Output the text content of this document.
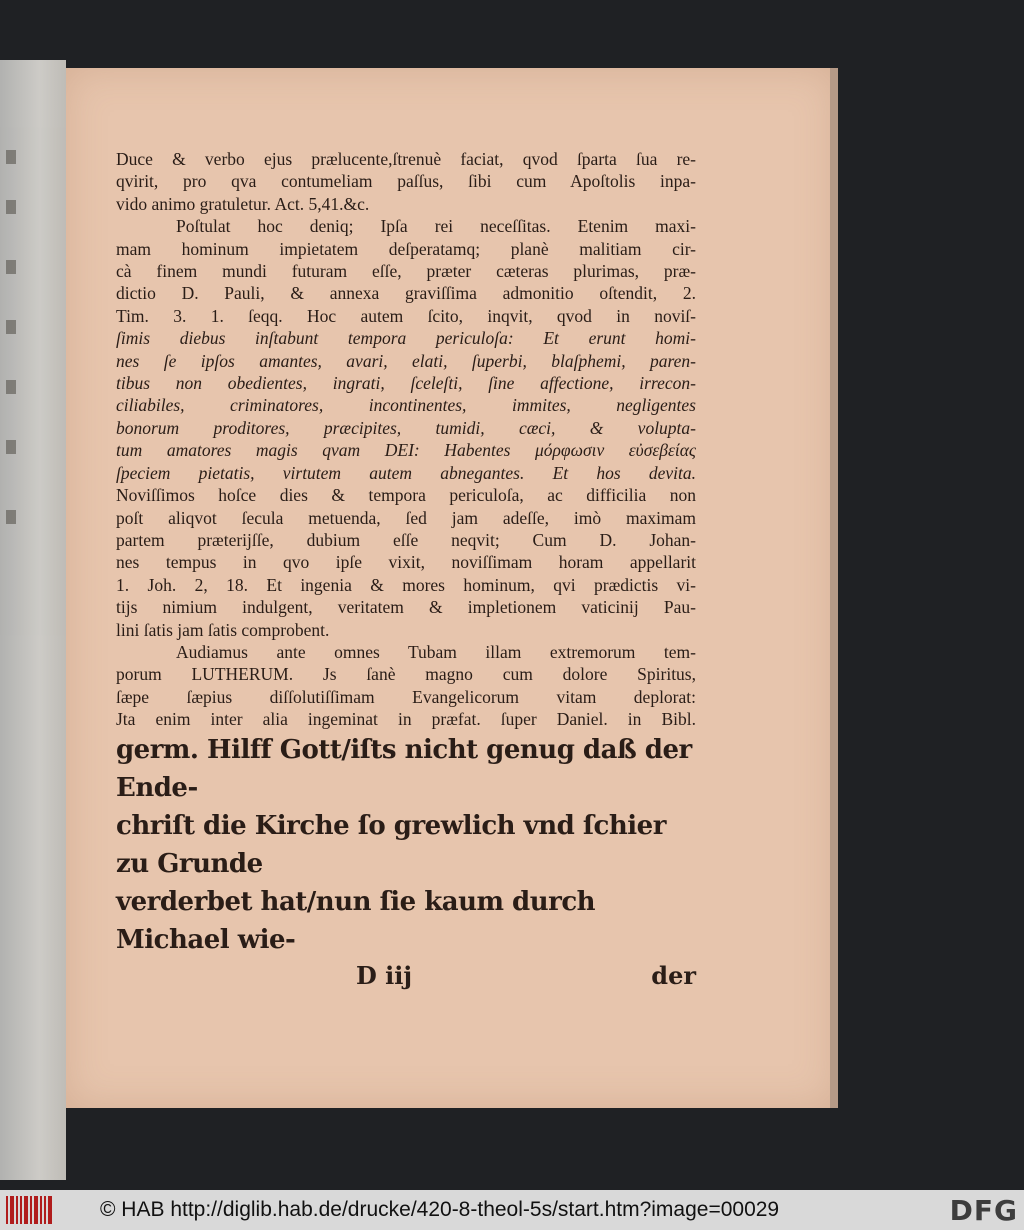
Duce & verbo ejus prælucente,ſtrenuè faciat, qvod ſparta ſua re-
qvirit, pro qva contumeliam paſſus, ſibi cum Apoſtolis inpa-
vido animo gratuletur. Act. 5,41.&c.
Poſtulat hoc deniq; Ipſa rei neceſſitas. Etenim maxi-
mam hominum impietatem deſperatamq; planè malitiam cir-
cà finem mundi futuram eſſe, præter cæteras plurimas, præ-
dictio D. Pauli, & annexa graviſſima admonitio oſtendit, 2.
Tim. 3. 1. ſeqq. Hoc autem ſcito, inqvit, qvod in noviſ-
ſimis diebus inſtabunt tempora periculoſa: Et erunt homi-
nes ſe ipſos amantes, avari, elati, ſuperbi, blaſphemi, paren-
tibus non obedientes, ingrati, ſceleſti, ſine affectione, irrecon-
ciliabiles, criminatores, incontinentes, immites, negligentes
bonorum proditores, præcipites, tumidi, cæci, & volupta-
tum amatores magis qvam DEI: Habentes μόρφωσιν εὐσεβείας
ſpeciem pietatis, virtutem autem abnegantes. Et hos devita.
Noviſſimos hoſce dies & tempora periculoſa, ac difficilia non
poſt aliqvot ſecula metuenda, ſed jam adeſſe, imò maximam
partem præterijſſe, dubium eſſe neqvit; Cum D. Johan-
nes tempus in qvo ipſe vixit, noviſſimam horam appellarit
1. Joh. 2, 18. Et ingenia & mores hominum, qvi prædictis vi-
tijs nimium indulgent, veritatem & impletionem vaticinij Pau-
lini ſatis jam ſatis comprobent.
Audiamus ante omnes Tubam illam extremorum tem-
porum LUTHERUM. Js ſanè magno cum dolore Spiritus,
ſæpe ſæpius diſſolutiſſimam Evangelicorum vitam deplorat:
Jta enim inter alia ingeminat in præfat. ſuper Daniel. in Bibl.
germ. Hilff Gott/iſts nicht genug daß der Ende-
chriſt die Kirche ſo grewlich vnd ſchier zu Grunde
verderbet hat/nun ſie kaum durch Michael wie-
D iij	der
© HAB http://diglib.hab.de/drucke/420-8-theol-5s/start.htm?image=00029	DFG
